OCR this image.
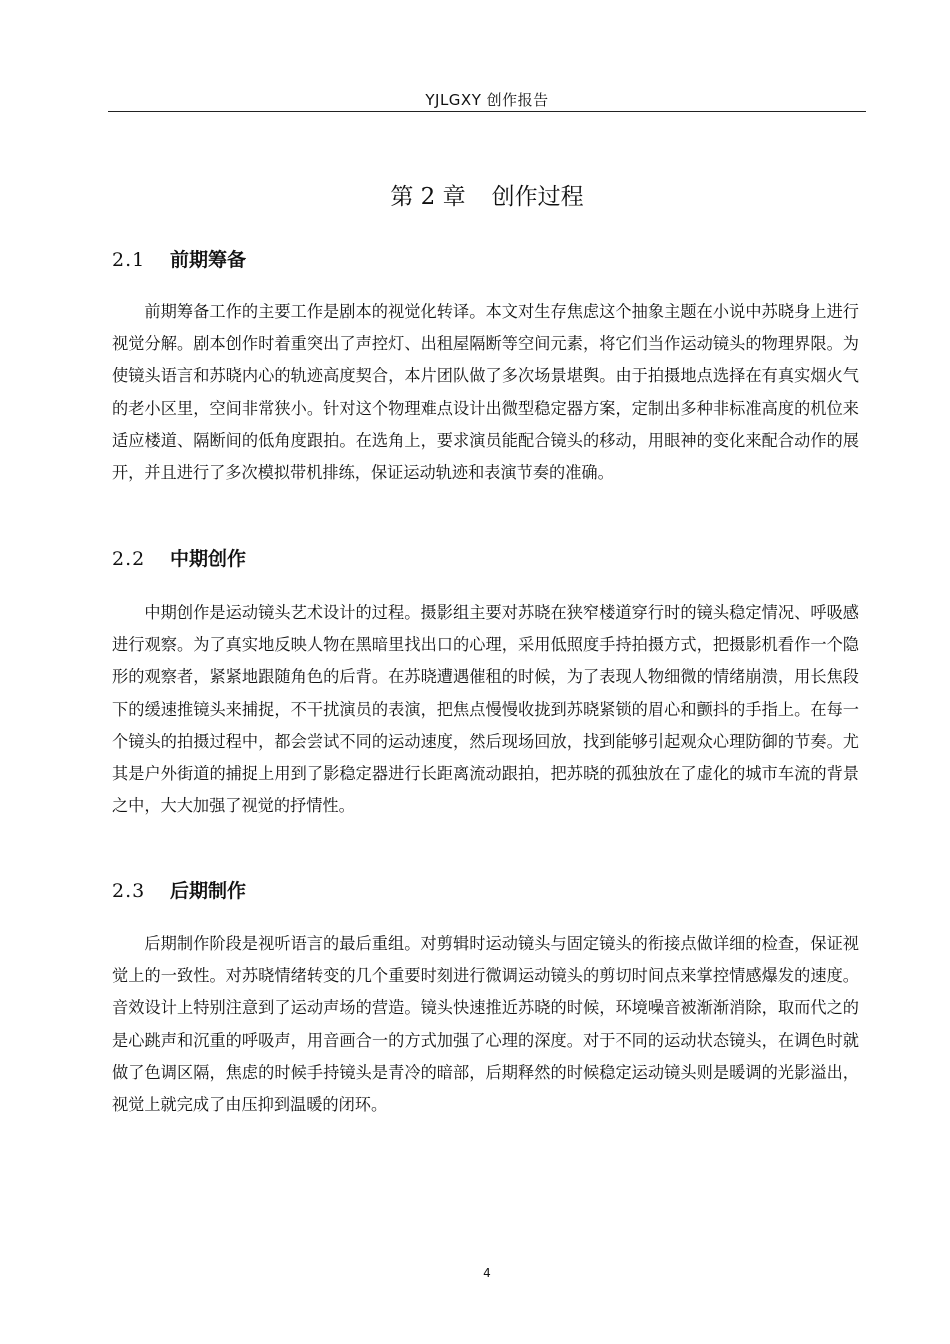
YJLGXY 创作报告
第 2 章 创作过程
2.1 前期筹备

前期筹备工作的主要工作是剧本的视觉化转译。本文对生存焦虑这个抽象主题在小说中苏晓身上进行视觉分解。剧本创作时着重突出了声控灯、出租屋隔断等空间元素，将它们当作运动镜头的物理界限。为使镜头语言和苏晓内心的轨迹高度契合，本片团队做了多次场景堪舆。由于拍摄地点选择在有真实烟火气的老小区里，空间非常狭小。针对这个物理难点设计出微型稳定器方案，定制出多种非标准高度的机位来适应楼道、隔断间的低角度跟拍。在选角上，要求演员能配合镜头的移动，用眼神的变化来配合动作的展开，并且进行了多次模拟带机排练，保证运动轨迹和表演节奏的准确。

2.2 中期创作

中期创作是运动镜头艺术设计的过程。摄影组主要对苏晓在狭窄楼道穿行时的镜头稳定情况、呼吸感进行观察。为了真实地反映人物在黑暗里找出口的心理，采用低照度手持拍摄方式，把摄影机看作一个隐形的观察者，紧紧地跟随角色的后背。在苏晓遭遇催租的时候，为了表现人物细微的情绪崩溃，用长焦段下的缓速推镜头来捕捉，不干扰演员的表演，把焦点慢慢收拢到苏晓紧锁的眉心和颤抖的手指上。在每一个镜头的拍摄过程中，都会尝试不同的运动速度，然后现场回放，找到能够引起观众心理防御的节奏。尤其是户外街道的捕捉上用到了影稳定器进行长距离流动跟拍，把苏晓的孤独放在了虚化的城市车流的背景之中，大大加强了视觉的抒情性。

2.3 后期制作

后期制作阶段是视听语言的最后重组。对剪辑时运动镜头与固定镜头的衔接点做详细的检查，保证视觉上的一致性。对苏晓情绪转变的几个重要时刻进行微调运动镜头的剪切时间点来掌控情感爆发的速度。音效设计上特别注意到了运动声场的营造。镜头快速推近苏晓的时候，环境噪音被渐渐消除，取而代之的是心跳声和沉重的呼吸声，用音画合一的方式加强了心理的深度。对于不同的运动状态镜头，在调色时就做了色调区隔，焦虑的时候手持镜头是青冷的暗部，后期释然的时候稳定运动镜头则是暖调的光影溢出，视觉上就完成了由压抑到温暖的闭环。

4
